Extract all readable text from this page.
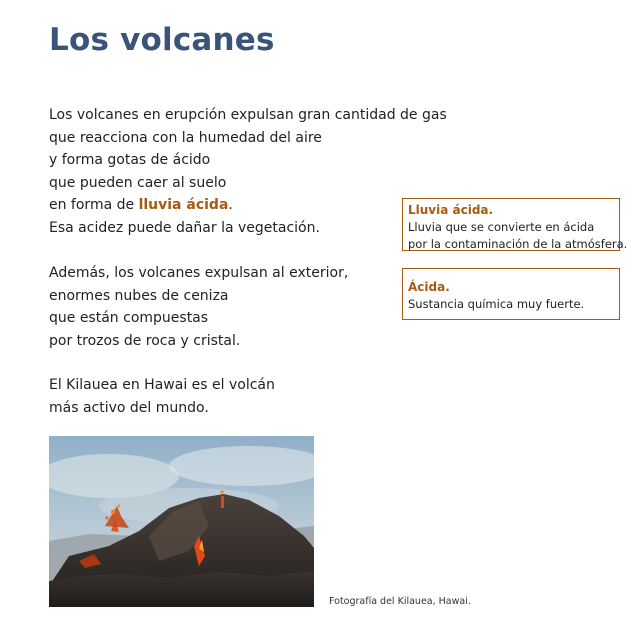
Los volcanes

Los volcanes en erupción expulsan gran cantidad de gas
que reacciona con la humedad del aire
y forma gotas de ácido
que pueden caer al suelo
en forma de lluvia ácida.
Esa acidez puede dañar la vegetación.

Además, los volcanes expulsan al exterior,
enormes nubes de ceniza
que están compuestas
por trozos de roca y cristal.

El Kilauea en Hawai es el volcán
más activo del mundo.

Lluvia ácida.
Lluvia que se convierte en ácida
por la contaminación de la atmósfera.
Ácida.
Sustancia química muy fuerte.
Fotografía del Kilauea, Hawai.
